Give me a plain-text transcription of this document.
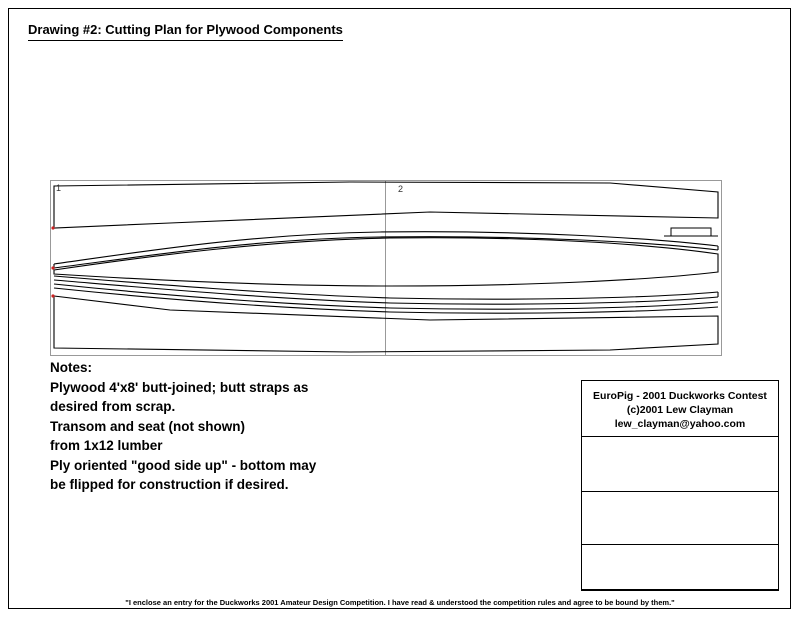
Drawing #2: Cutting Plan for Plywood Components
1	2
Notes:
Plywood 4'x8' butt-joined; butt straps as
desired from scrap.
Transom and seat (not shown)
from 1x12 lumber
Ply oriented "good side up" - bottom may
be flipped for construction if desired.
EuroPig - 2001 Duckworks Contest
(c)2001 Lew Clayman
lew_clayman@yahoo.com
"I enclose an entry for the Duckworks 2001 Amateur Design Competition. I have read & understood the competition rules and agree to be bound by them."
